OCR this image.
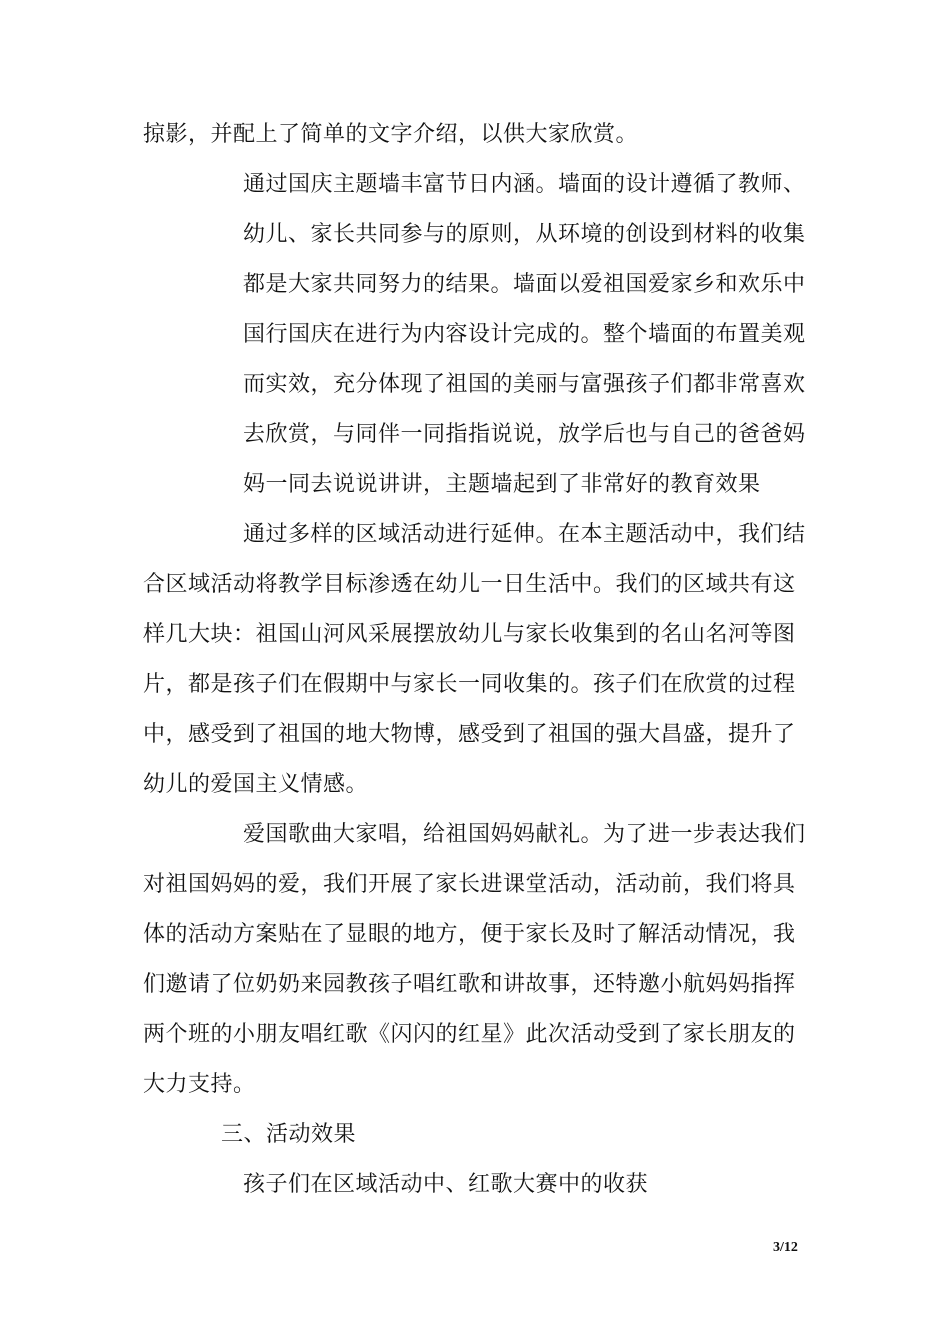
掠影，并配上了简单的文字介绍，以供大家欣赏。
通过国庆主题墙丰富节日内涵。墙面的设计遵循了教师、
幼儿、家长共同参与的原则，从环境的创设到材料的收集
都是大家共同努力的结果。墙面以爱祖国爱家乡和欢乐中
国行国庆在进行为内容设计完成的。整个墙面的布置美观
而实效，充分体现了祖国的美丽与富强孩子们都非常喜欢
去欣赏，与同伴一同指指说说，放学后也与自己的爸爸妈
妈一同去说说讲讲，主题墙起到了非常好的教育效果
通过多样的区域活动进行延伸。在本主题活动中，我们结
合区域活动将教学目标渗透在幼儿一日生活中。我们的区域共有这
样几大块：祖国山河风采展摆放幼儿与家长收集到的名山名河等图
片，都是孩子们在假期中与家长一同收集的。孩子们在欣赏的过程
中，感受到了祖国的地大物博，感受到了祖国的强大昌盛，提升了
幼儿的爱国主义情感。
爱国歌曲大家唱，给祖国妈妈献礼。为了进一步表达我们
对祖国妈妈的爱，我们开展了家长进课堂活动，活动前，我们将具
体的活动方案贴在了显眼的地方，便于家长及时了解活动情况，我
们邀请了位奶奶来园教孩子唱红歌和讲故事，还特邀小航妈妈指挥
两个班的小朋友唱红歌《闪闪的红星》此次活动受到了家长朋友的
大力支持。
三、活动效果
孩子们在区域活动中、红歌大赛中的收获
3/12
